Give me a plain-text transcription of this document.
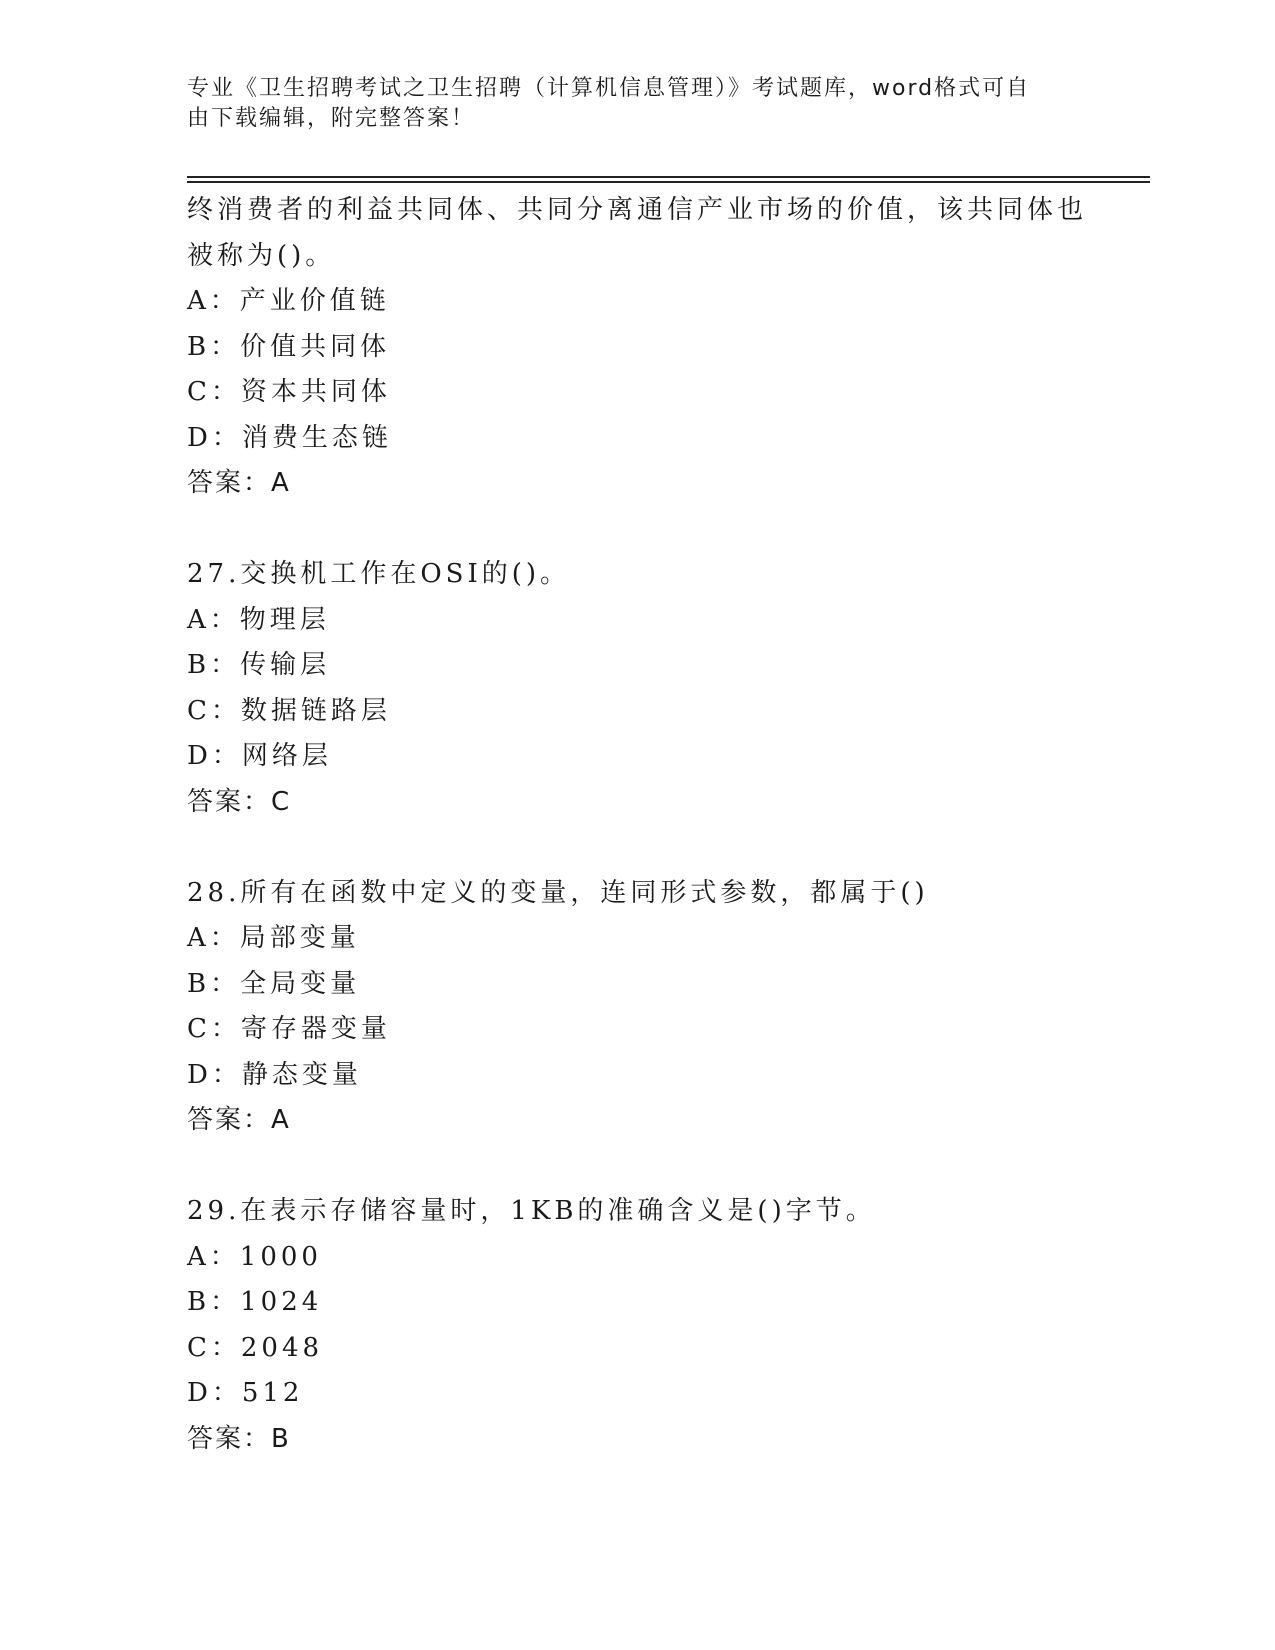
专业《卫生招聘考试之卫生招聘（计算机信息管理）》考试题库，word格式可自
由下载编辑，附完整答案！
终消费者的利益共同体、共同分离通信产业市场的价值，该共同体也
被称为()。
A：产业价值链
B：价值共同体
C：资本共同体
D：消费生态链
答案：A
27.交换机工作在OSI的()。
A：物理层
B：传输层
C：数据链路层
D：网络层
答案：C
28.所有在函数中定义的变量，连同形式参数，都属于()
A：局部变量
B：全局变量
C：寄存器变量
D：静态变量
答案：A
29.在表示存储容量时，1KB的准确含义是()字节。
A：1000
B：1024
C：2048
D：512
答案：B
